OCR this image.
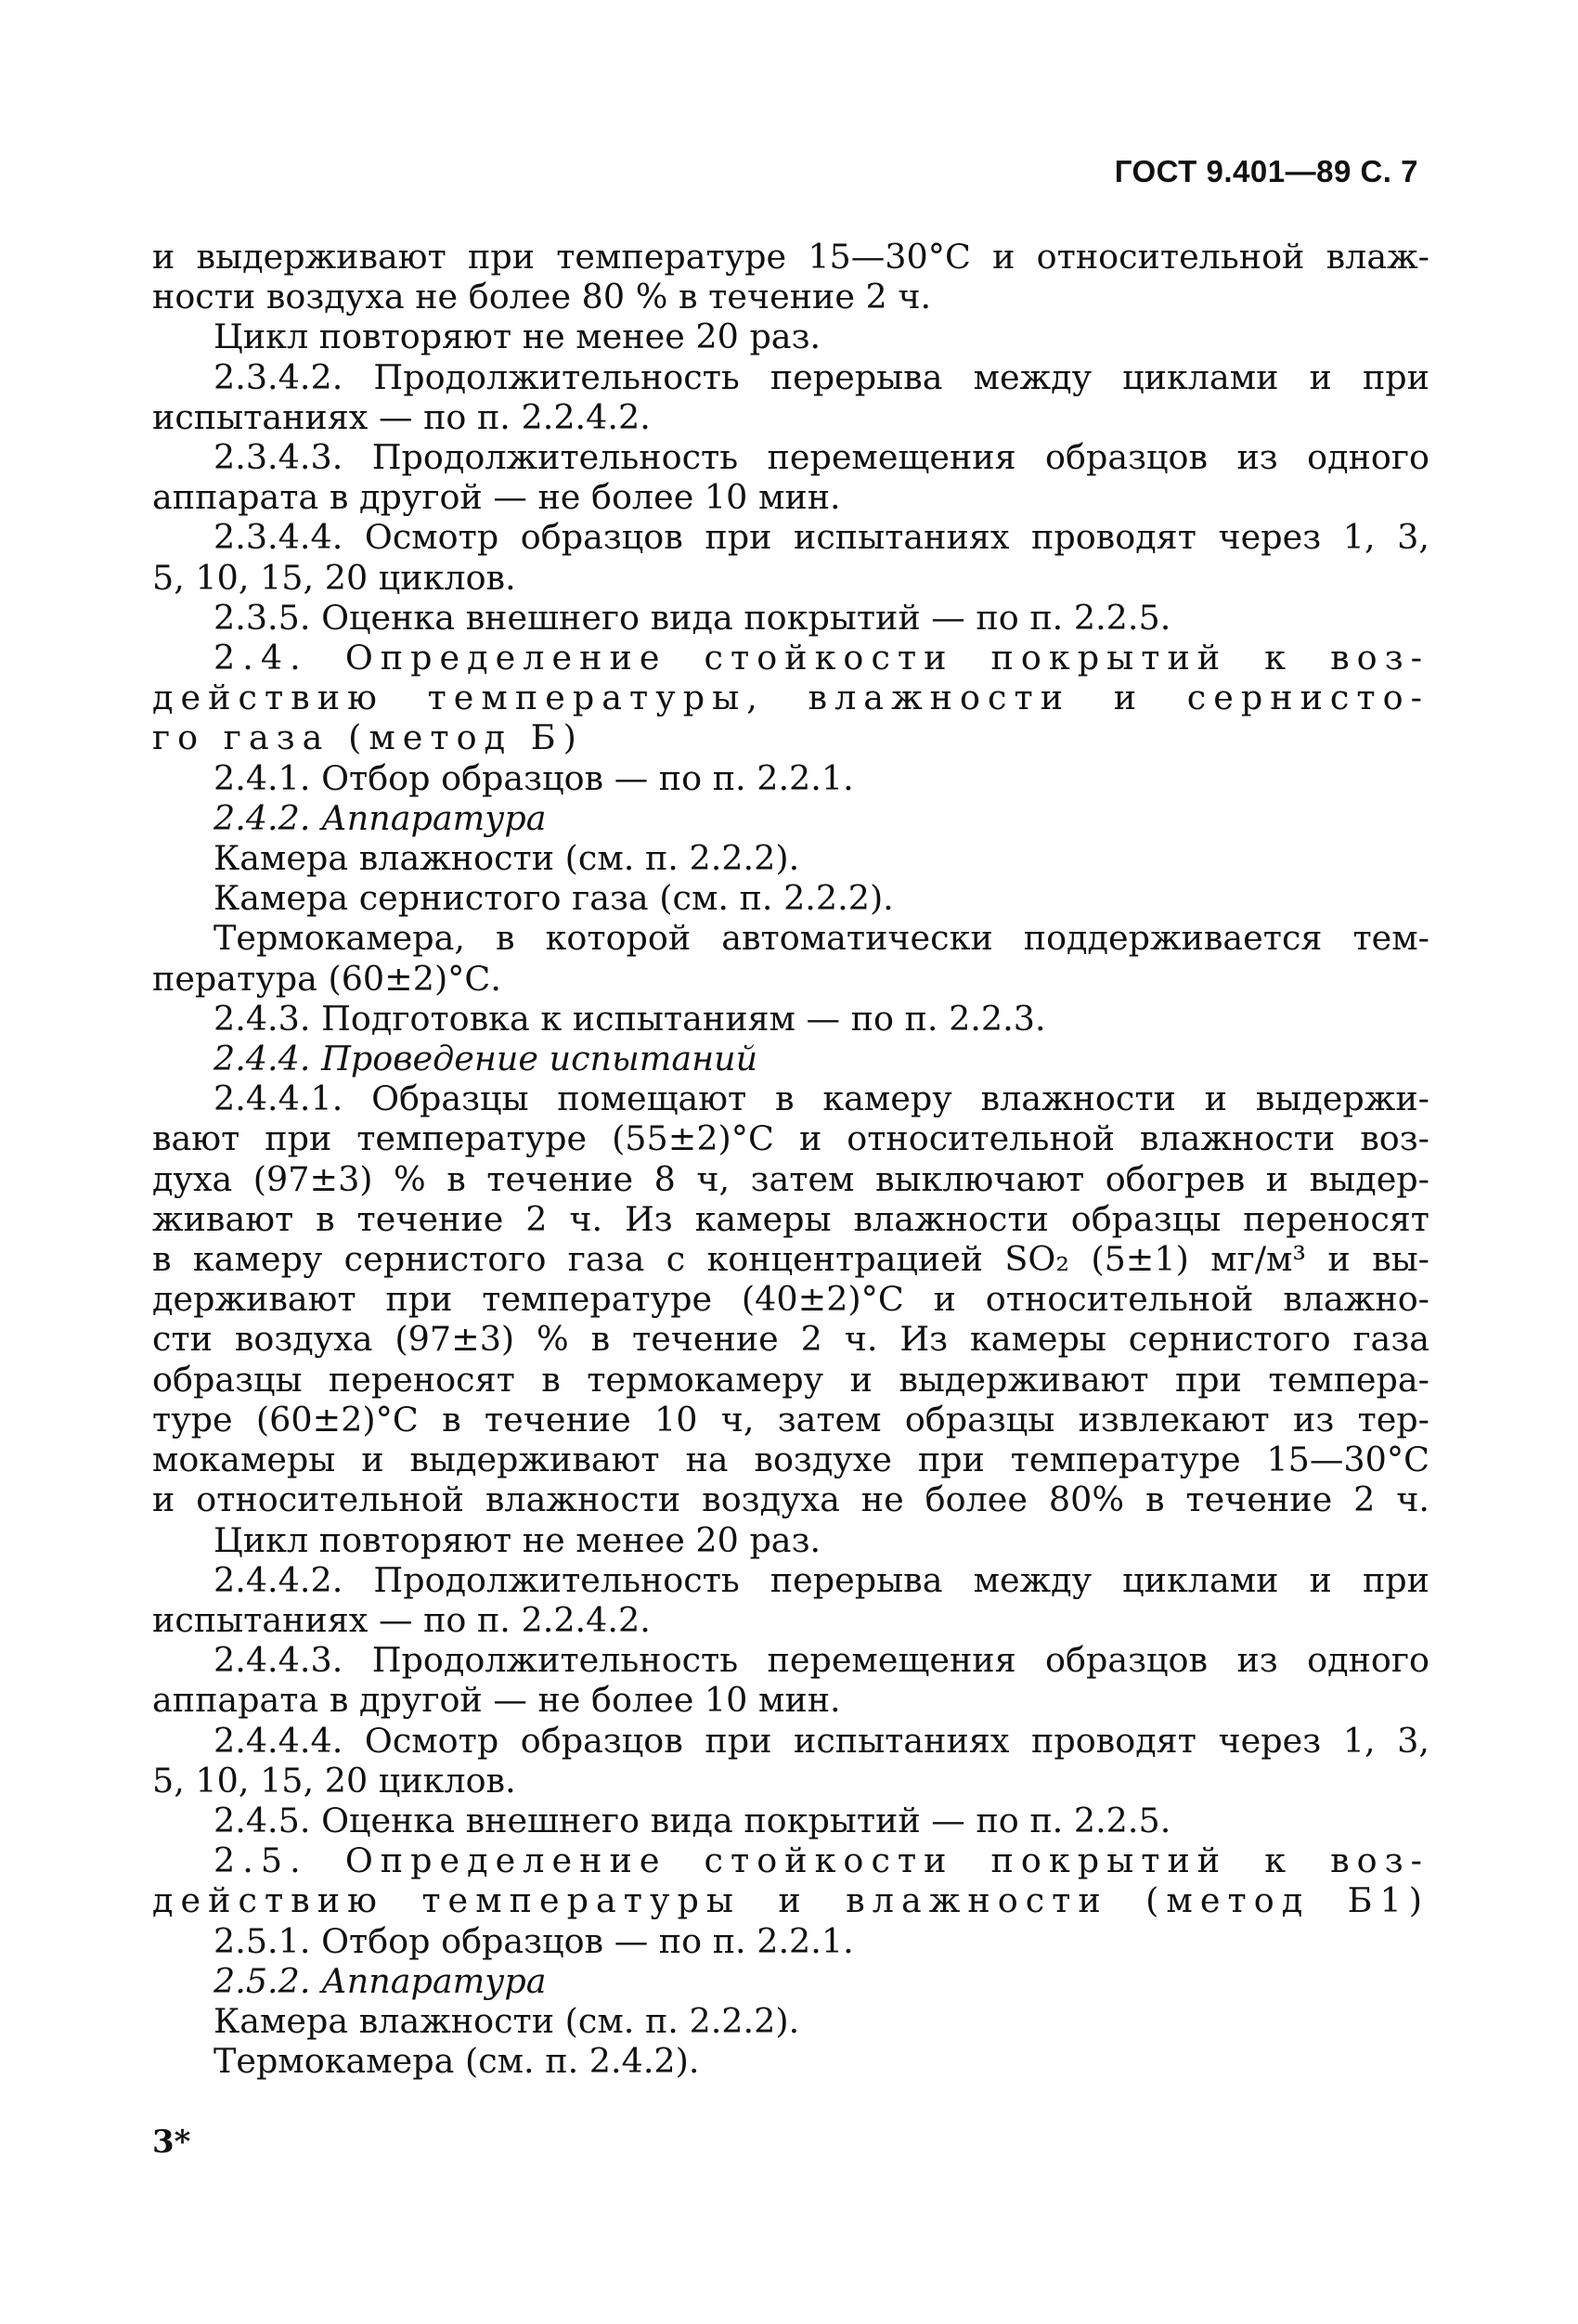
ГОСТ 9.401—89 С. 7
и выдерживают при температуре 15—30°С и относительной влаж-
ности воздуха не более 80 % в течение 2 ч.
Цикл повторяют не менее 20 раз.
2.3.4.2. Продолжительность перерыва между циклами и при
испытаниях — по п. 2.2.4.2.
2.3.4.3. Продолжительность перемещения образцов из одного
аппарата в другой — не более 10 мин.
2.3.4.4. Осмотр образцов при испытаниях проводят через 1, 3,
5, 10, 15, 20 циклов.
2.3.5. Оценка внешнего вида покрытий — по п. 2.2.5.
2.4. Определение стойкости покрытий к воз-
действию температуры, влажности и сернисто-
го газа (метод Б)
2.4.1. Отбор образцов — по п. 2.2.1.
2.4.2. Аппаратура
Камера влажности (см. п. 2.2.2).
Камера сернистого газа (см. п. 2.2.2).
Термокамера, в которой автоматически поддерживается тем-
пература (60±2)°С.
2.4.3. Подготовка к испытаниям — по п. 2.2.3.
2.4.4. Проведение испытаний
2.4.4.1. Образцы помещают в камеру влажности и выдержи-
вают при температуре (55±2)°С и относительной влажности воз-
духа (97±3) % в течение 8 ч, затем выключают обогрев и выдер-
живают в течение 2 ч. Из камеры влажности образцы переносят
в камеру сернистого газа с концентрацией SO₂ (5±1) мг/м³ и вы-
держивают при температуре (40±2)°С и относительной влажно-
сти воздуха (97±3) % в течение 2 ч. Из камеры сернистого газа
образцы переносят в термокамеру и выдерживают при темпера-
туре (60±2)°С в течение 10 ч, затем образцы извлекают из тер-
мокамеры и выдерживают на воздухе при температуре 15—30°С
и относительной влажности воздуха не более 80% в течение 2 ч.
Цикл повторяют не менее 20 раз.
2.4.4.2. Продолжительность перерыва между циклами и при
испытаниях — по п. 2.2.4.2.
2.4.4.3. Продолжительность перемещения образцов из одного
аппарата в другой — не более 10 мин.
2.4.4.4. Осмотр образцов при испытаниях проводят через 1, 3,
5, 10, 15, 20 циклов.
2.4.5. Оценка внешнего вида покрытий — по п. 2.2.5.
2.5. Определение стойкости покрытий к воз-
действию температуры и влажности (метод Б1)
2.5.1. Отбор образцов — по п. 2.2.1.
2.5.2. Аппаратура
Камера влажности (см. п. 2.2.2).
Термокамера (см. п. 2.4.2).
3*
